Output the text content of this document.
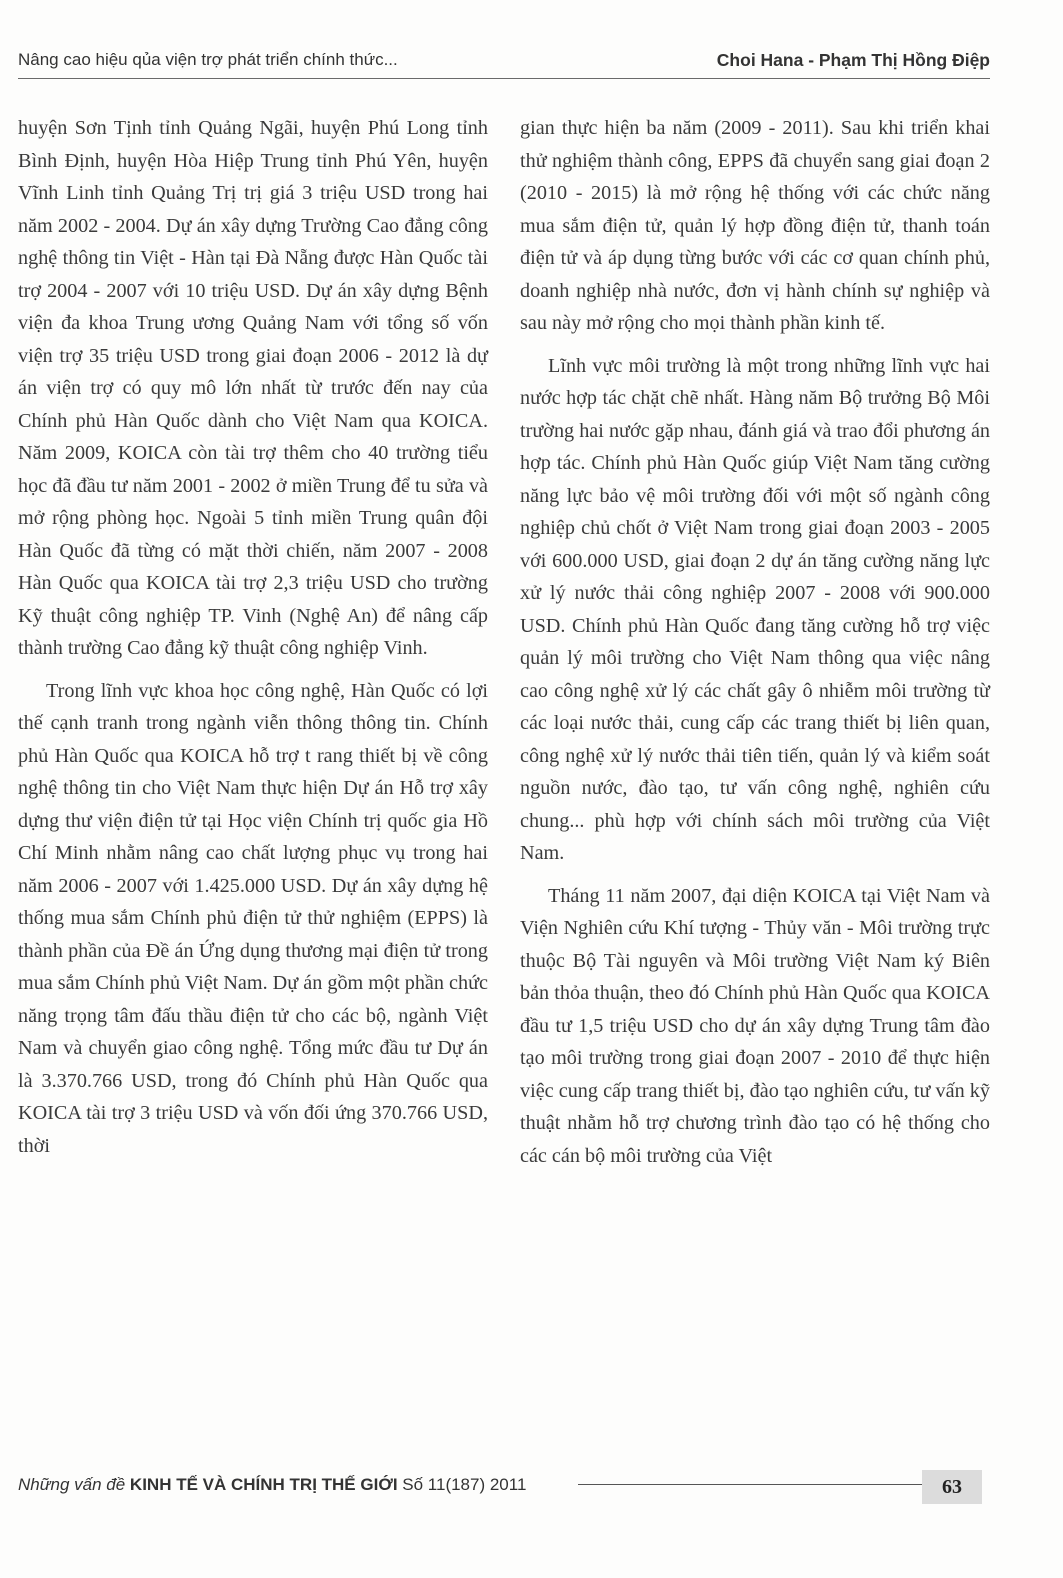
Nâng cao hiệu qủa viện trợ phát triển chính thức...	Choi Hana - Phạm Thị Hồng Điệp

huyện Sơn Tịnh tỉnh Quảng Ngãi, huyện Phú Long tỉnh Bình Định, huyện Hòa Hiệp Trung tỉnh Phú Yên, huyện Vĩnh Linh tỉnh Quảng Trị trị giá 3 triệu USD trong hai năm 2002 - 2004. Dự án xây dựng Trường Cao đẳng công nghệ thông tin Việt - Hàn tại Đà Nẵng được Hàn Quốc tài trợ 2004 - 2007 với 10 triệu USD. Dự án xây dựng Bệnh viện đa khoa Trung ương Quảng Nam với tổng số vốn viện trợ 35 triệu USD trong giai đoạn 2006 - 2012 là dự án viện trợ có quy mô lớn nhất từ trước đến nay của Chính phủ Hàn Quốc dành cho Việt Nam qua KOICA. Năm 2009, KOICA còn tài trợ thêm cho 40 trường tiểu học đã đầu tư năm 2001 - 2002 ở miền Trung để tu sửa và mở rộng phòng học. Ngoài 5 tỉnh miền Trung quân đội Hàn Quốc đã từng có mặt thời chiến, năm 2007 - 2008 Hàn Quốc qua KOICA tài trợ 2,3 triệu USD cho trường Kỹ thuật công nghiệp TP. Vinh (Nghệ An) để nâng cấp thành trường Cao đẳng kỹ thuật công nghiệp Vinh.

Trong lĩnh vực khoa học công nghệ, Hàn Quốc có lợi thế cạnh tranh trong ngành viễn thông thông tin. Chính phủ Hàn Quốc qua KOICA hỗ trợ t rang thiết bị về công nghệ thông tin cho Việt Nam thực hiện Dự án Hỗ trợ xây dựng thư viện điện tử tại Học viện Chính trị quốc gia Hồ Chí Minh nhằm nâng cao chất lượng phục vụ trong hai năm 2006 - 2007 với 1.425.000 USD. Dự án xây dựng hệ thống mua sắm Chính phủ điện tử thử nghiệm (EPPS) là thành phần của Đề án Ứng dụng thương mại điện tử trong mua sắm Chính phủ Việt Nam. Dự án gồm một phần chức năng trọng tâm đấu thầu điện tử cho các bộ, ngành Việt Nam và chuyển giao công nghệ. Tổng mức đầu tư Dự án là 3.370.766 USD, trong đó Chính phủ Hàn Quốc qua KOICA tài trợ 3 triệu USD và vốn đối ứng 370.766 USD, thời

gian thực hiện ba năm (2009 - 2011). Sau khi triển khai thử nghiệm thành công, EPPS đã chuyển sang giai đoạn 2 (2010 - 2015) là mở rộng hệ thống với các chức năng mua sắm điện tử, quản lý hợp đồng điện tử, thanh toán điện tử và áp dụng từng bước với các cơ quan chính phủ, doanh nghiệp nhà nước, đơn vị hành chính sự nghiệp và sau này mở rộng cho mọi thành phần kinh tế.

Lĩnh vực môi trường là một trong những lĩnh vực hai nước hợp tác chặt chẽ nhất. Hàng năm Bộ trưởng Bộ Môi trường hai nước gặp nhau, đánh giá và trao đổi phương án hợp tác. Chính phủ Hàn Quốc giúp Việt Nam tăng cường năng lực bảo vệ môi trường đối với một số ngành công nghiệp chủ chốt ở Việt Nam trong giai đoạn 2003 - 2005 với 600.000 USD, giai đoạn 2 dự án tăng cường năng lực xử lý nước thải công nghiệp 2007 - 2008 với 900.000 USD. Chính phủ Hàn Quốc đang tăng cường hỗ trợ việc quản lý môi trường cho Việt Nam thông qua việc nâng cao công nghệ xử lý các chất gây ô nhiễm môi trường từ các loại nước thải, cung cấp các trang thiết bị liên quan, công nghệ xử lý nước thải tiên tiến, quản lý và kiểm soát nguồn nước, đào tạo, tư vấn công nghệ, nghiên cứu chung... phù hợp với chính sách môi trường của Việt Nam.

Tháng 11 năm 2007, đại diện KOICA tại Việt Nam và Viện Nghiên cứu Khí tượng - Thủy văn - Môi trường trực thuộc Bộ Tài nguyên và Môi trường Việt Nam ký Biên bản thỏa thuận, theo đó Chính phủ Hàn Quốc qua KOICA đầu tư 1,5 triệu USD cho dự án xây dựng Trung tâm đào tạo môi trường trong giai đoạn 2007 - 2010 để thực hiện việc cung cấp trang thiết bị, đào tạo nghiên cứu, tư vấn kỹ thuật nhằm hỗ trợ chương trình đào tạo có hệ thống cho các cán bộ môi trường của Việt

Những vấn đề KINH TẾ VÀ CHÍNH TRỊ THẾ GIỚI Số 11(187) 2011	63
